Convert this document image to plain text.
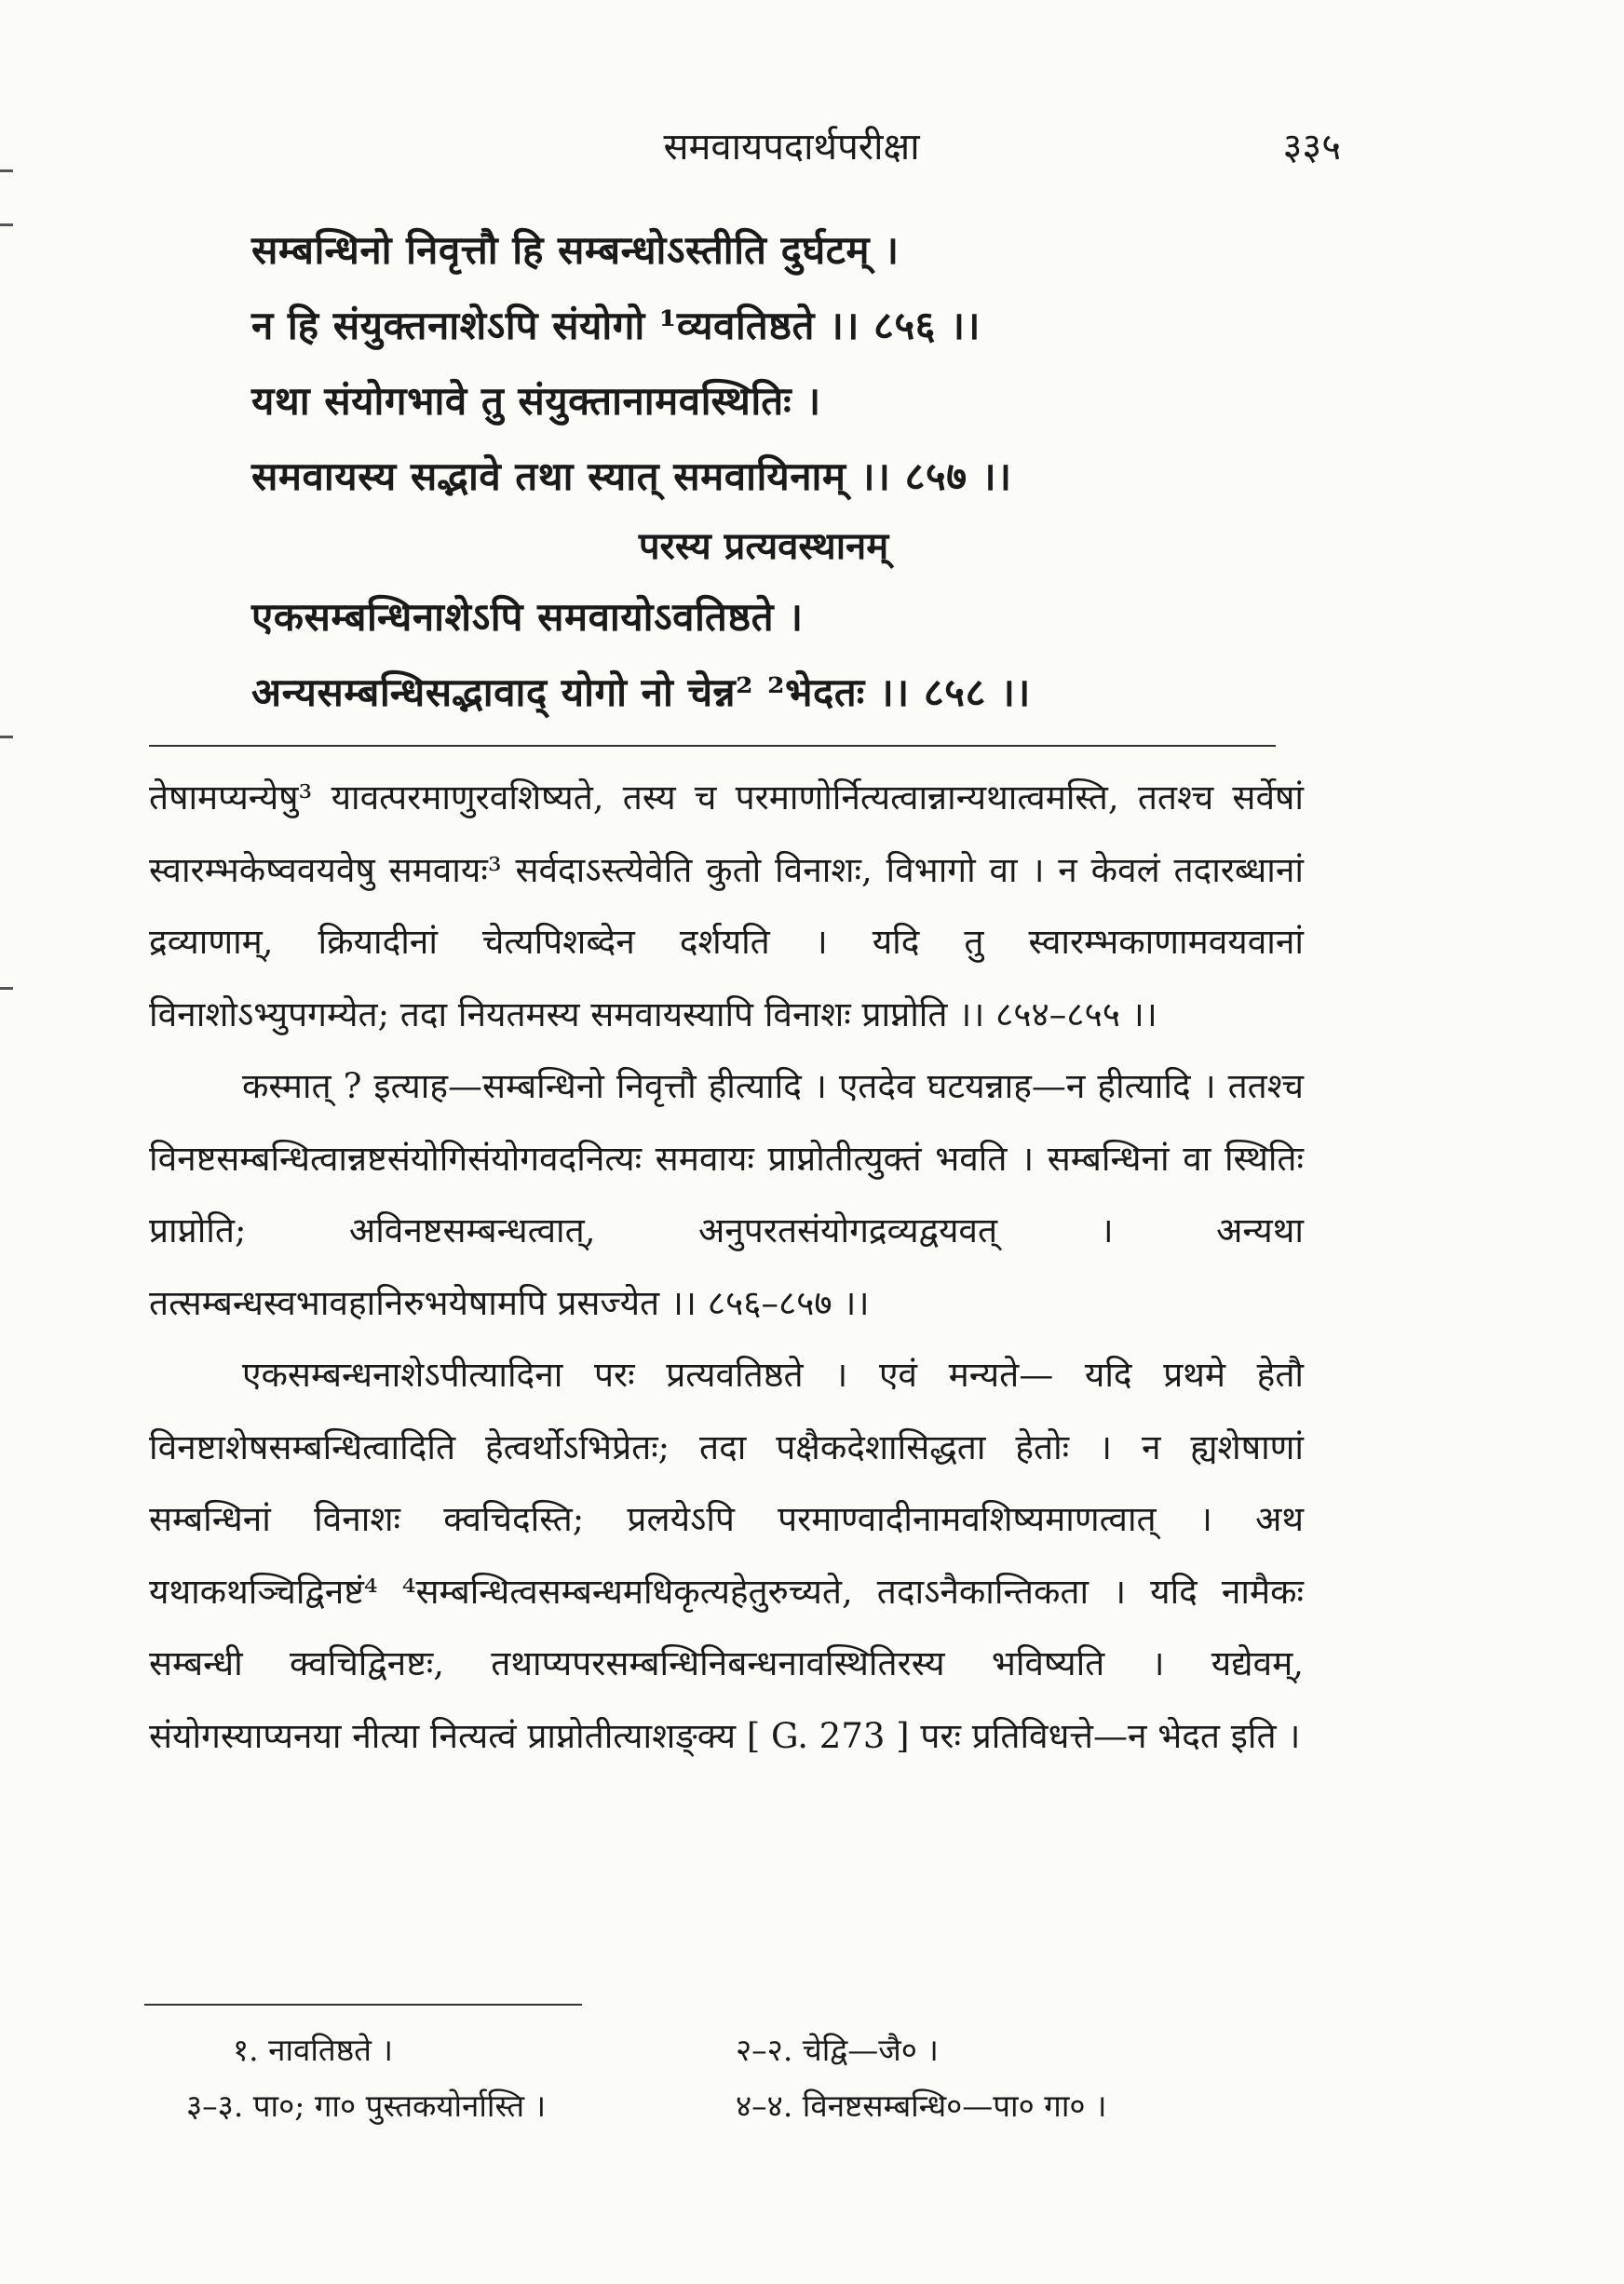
समवायपदार्थपरीक्षा	३३५
सम्बन्धिनो निवृत्तौ हि सम्बन्धोऽस्तीति दुर्घटम् ।
न हि संयुक्तनाशेऽपि संयोगो ¹व्यवतिष्ठते ।। ८५६ ।।
यथा संयोगभावे तु संयुक्तानामवस्थितिः ।
समवायस्य सद्भावे तथा स्यात् समवायिनाम् ।। ८५७ ।।
परस्य प्रत्यवस्थानम्
एकसम्बन्धिनाशेऽपि समवायोऽवतिष्ठते ।
अन्यसम्बन्धिसद्भावाद् योगो नो चेन्न² ²भेदतः ।। ८५८ ।।

तेषामप्यन्येषु³ यावत्परमाणुरवशिष्यते, तस्य च परमाणोर्नित्यत्वान्नान्यथात्वमस्ति, ततश्च सर्वेषां स्वारम्भकेष्ववयवेषु समवायः³ सर्वदाऽस्त्येवेति कुतो विनाशः, विभागो वा । न केवलं तदारब्धानां द्रव्याणाम्, क्रियादीनां चेत्यपिशब्देन दर्शयति । यदि तु स्वारम्भकाणामवयवानां विनाशोऽभ्युपगम्येत; तदा नियतमस्य समवायस्यापि विनाशः प्राप्नोति ।। ८५४–८५५ ।।

कस्मात् ? इत्याह—सम्बन्धिनो निवृत्तौ हीत्यादि । एतदेव घटयन्नाह—न हीत्यादि । ततश्च विनष्टसम्बन्धित्वान्नष्टसंयोगिसंयोगवदनित्यः समवायः प्राप्नोतीत्युक्तं भवति । सम्बन्धिनां वा स्थितिः प्राप्नोति; अविनष्टसम्बन्धत्वात्, अनुपरतसंयोगद्रव्यद्वयवत् । अन्यथा तत्सम्बन्धस्वभावहानिरुभयेषामपि प्रसज्येत ।। ८५६–८५७ ।।

एकसम्बन्धनाशेऽपीत्यादिना परः प्रत्यवतिष्ठते । एवं मन्यते— यदि प्रथमे हेतौ विनष्टाशेषसम्बन्धित्वादिति हेत्वर्थोऽभिप्रेतः; तदा पक्षैकदेशासिद्धता हेतोः । न ह्यशेषाणां सम्बन्धिनां विनाशः क्वचिदस्ति; प्रलयेऽपि परमाण्वादीनामवशिष्यमाणत्वात् । अथ यथाकथञ्चिद्विनष्टं⁴ ⁴सम्बन्धित्वसम्बन्धमधिकृत्यहेतुरुच्यते, तदाऽनैकान्तिकता । यदि नामैकः सम्बन्धी क्वचिद्विनष्टः, तथाप्यपरसम्बन्धिनिबन्धनावस्थितिरस्य भविष्यति । यद्येवम्, संयोगस्याप्यनया नीत्या नित्यत्वं प्राप्नोतीत्याशङ्क्य [ G. 273 ] परः प्रतिविधत्ते—न भेदत इति ।

१. नावतिष्ठते ।	२–२. चेद्वि—जै० ।
३–३. पा०; गा० पुस्तकयोर्नास्ति ।	४–४. विनष्टसम्बन्धि०—पा० गा० ।
